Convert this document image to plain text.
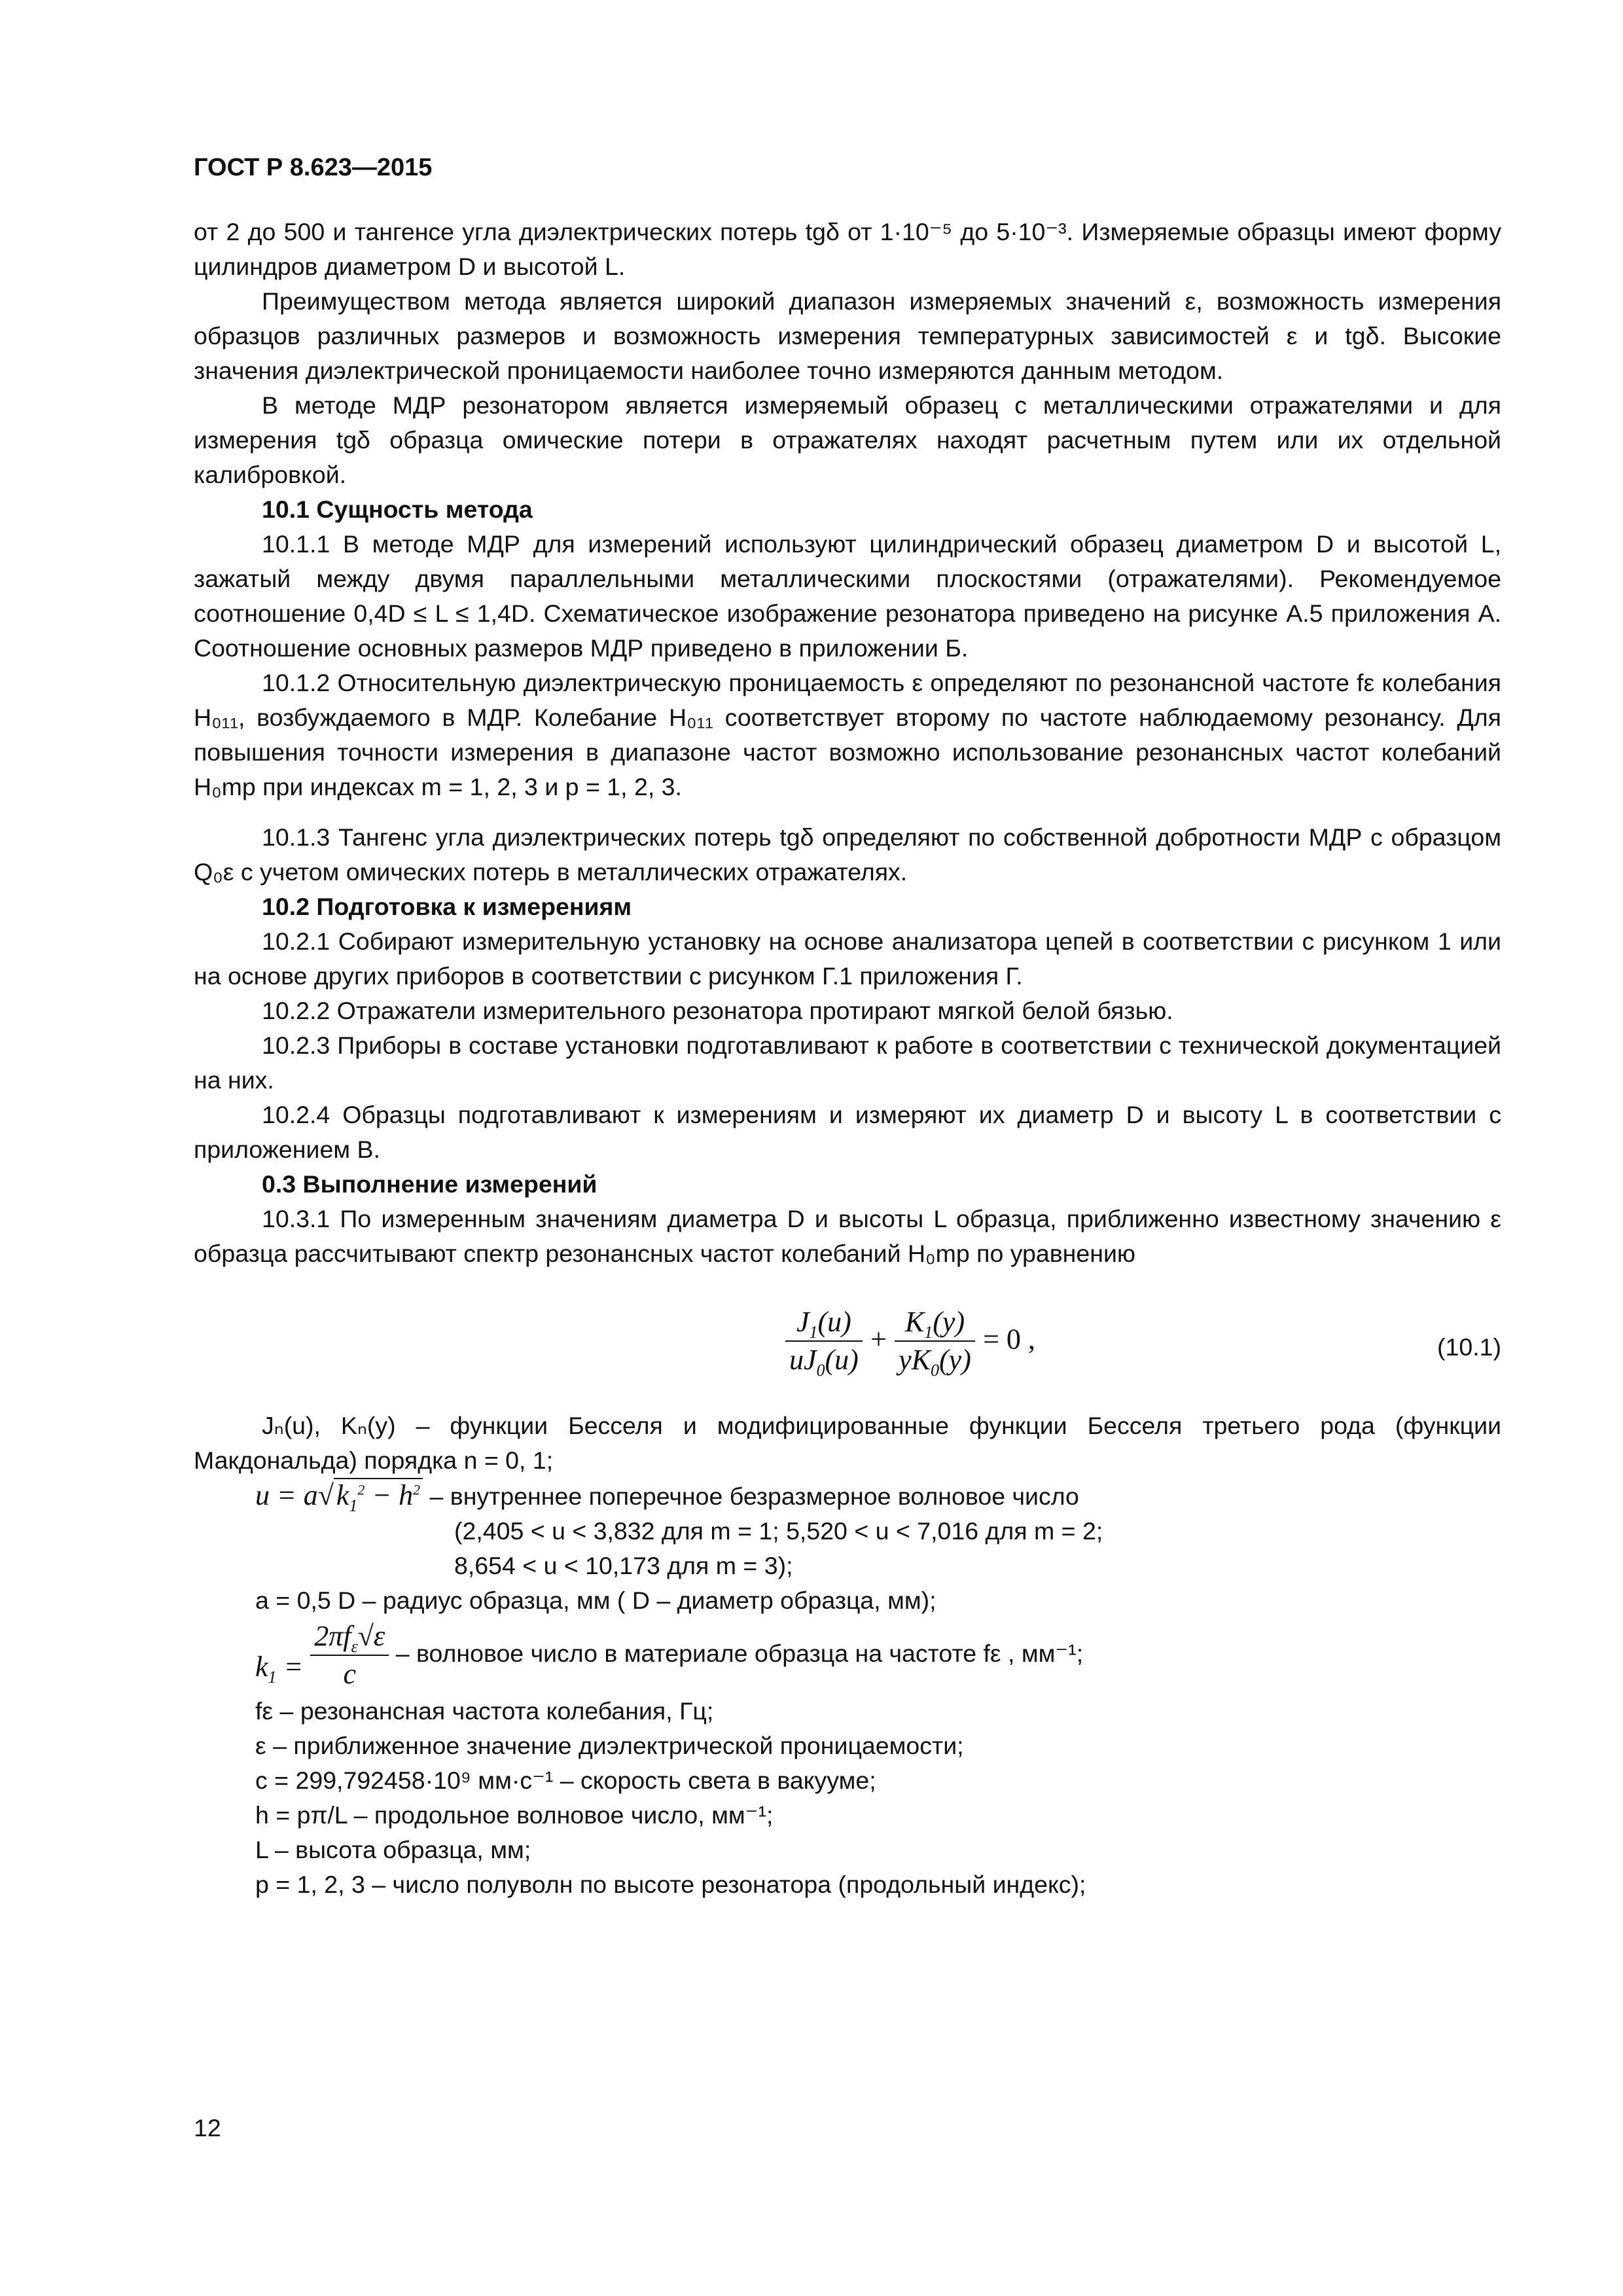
ГОСТ Р 8.623—2015

от 2 до 500 и тангенсе угла диэлектрических потерь tgδ от 1·10⁻⁵ до 5·10⁻³. Измеряемые образцы имеют форму цилиндров диаметром D и высотой L.

Преимуществом метода является широкий диапазон измеряемых значений ε, возможность измерения образцов различных размеров и возможность измерения температурных зависимостей ε и tgδ. Высокие значения диэлектрической проницаемости наиболее точно измеряются данным методом.

В методе МДР резонатором является измеряемый образец с металлическими отражателями и для измерения tgδ образца омические потери в отражателях находят расчетным путем или их отдельной калибровкой.

10.1 Сущность метода

10.1.1 В методе МДР для измерений используют цилиндрический образец диаметром D и высотой L, зажатый между двумя параллельными металлическими плоскостями (отражателями). Рекомендуемое соотношение 0,4D ≤ L ≤ 1,4D. Схематическое изображение резонатора приведено на рисунке А.5 приложения А. Соотношение основных размеров МДР приведено в приложении Б.

10.1.2 Относительную диэлектрическую проницаемость ε определяют по резонансной частоте fε колебания H₀₁₁, возбуждаемого в МДР. Колебание H₀₁₁ соответствует второму по частоте наблюдаемому резонансу. Для повышения точности измерения в диапазоне частот возможно использование резонансных частот колебаний H₀mp при индексах m = 1, 2, 3 и p = 1, 2, 3.

10.1.3 Тангенс угла диэлектрических потерь tgδ определяют по собственной добротности МДР с образцом Q₀ε с учетом омических потерь в металлических отражателях.

10.2 Подготовка к измерениям

10.2.1 Собирают измерительную установку на основе анализатора цепей в соответствии с рисунком 1 или на основе других приборов в соответствии с рисунком Г.1 приложения Г.

10.2.2 Отражатели измерительного резонатора протирают мягкой белой бязью.

10.2.3 Приборы в составе установки подготавливают к работе в соответствии с технической документацией на них.

10.2.4 Образцы подготавливают к измерениям и измеряют их диаметр D и высоту L в соответствии с приложением В.

0.3 Выполнение измерений

10.3.1 По измеренным значениям диаметра D и высоты L образца, приближенно известному значению ε образца рассчитывают спектр резонансных частот колебаний H₀mp по уравнению

$\frac{J_1(u)}{uJ_0(u)} + \frac{K_1(y)}{yK_0(y)} = 0$ ,	(10.1)

Jₙ(u), Kₙ(y) – функции Бесселя и модифицированные функции Бесселя третьего рода (функции Макдональда) порядка n = 0, 1;

$u = a√k_1^2 - h^2$ – внутреннее поперечное безразмерное волновое число
(2,405 < u < 3,832 для m = 1; 5,520 < u < 7,016 для m = 2;
8,654 < u < 10,173 для m = 3);
a = 0,5 D – радиус образца, мм ( D – диаметр образца, мм);
$k_1 = \frac{2\pi f_\varepsilon√\varepsilon}{c}$ – волновое число в материале образца на частоте fε , мм⁻¹;
fε – резонансная частота колебания, Гц;
ε – приближенное значение диэлектрической проницаемости;
c = 299,792458·10⁹ мм·с⁻¹ – скорость света в вакууме;
h = pπ/L – продольное волновое число, мм⁻¹;
L – высота образца, мм;
p = 1, 2, 3 – число полуволн по высоте резонатора (продольный индекс);
12
